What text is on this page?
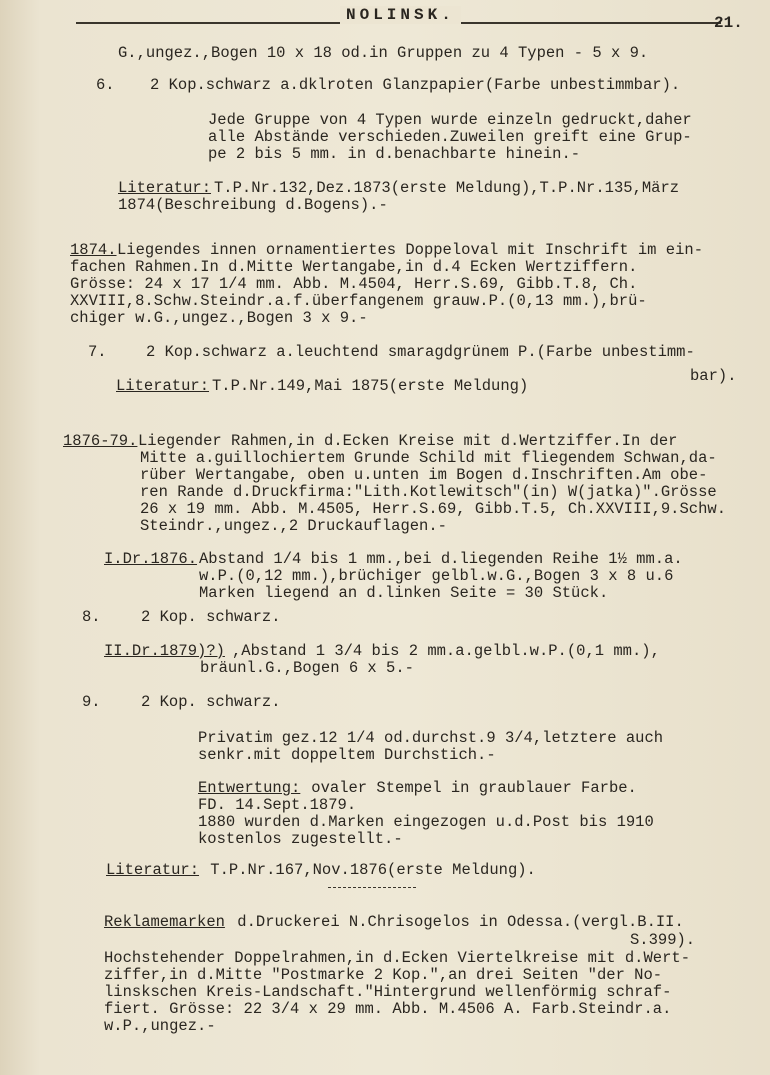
NOLINSK.	21.
G.,ungez.,Bogen 10 x 18 od.in Gruppen zu 4 Typen - 5 x 9.
6. 2 Kop.schwarz a.dklroten Glanzpapier(Farbe unbestimmbar).
Jede Gruppe von 4 Typen wurde einzeln gedruckt,daher
alle Abstände verschieden.Zuweilen greift eine Grup-
pe 2 bis 5 mm. in d.benachbarte hinein.-
Literatur: T.P.Nr.132,Dez.1873(erste Meldung),T.P.Nr.135,März
1874(Beschreibung d.Bogens).-
1874. Liegendes innen ornamentiertes Doppeloval mit Inschrift im ein-
fachen Rahmen.In d.Mitte Wertangabe,in d.4 Ecken Wertziffern.
Grösse: 24 x 17 1/4 mm. Abb. M.4504, Herr.S.69, Gibb.T.8, Ch.
XXVIII,8.Schw.Steindr.a.f.überfangenem grauw.P.(0,13 mm.),brü-
chiger w.G.,ungez.,Bogen 3 x 9.-
7.	2 Kop.schwarz a.leuchtend smaragdgrünem P.(Farbe unbestimm-
Literatur: T.P.Nr.149,Mai 1875(erste Meldung)
bar).
1876-79. Liegender Rahmen,in d.Ecken Kreise mit d.Wertziffer.In der
Mitte a.guillochiertem Grunde Schild mit fliegendem Schwan,da-
rüber Wertangabe, oben u.unten im Bogen d.Inschriften.Am obe-
ren Rande d.Druckfirma:"Lith.Kotlewitsch"(in) W(jatka)".Grösse
26 x 19 mm. Abb. M.4505, Herr.S.69, Gibb.T.5, Ch.XXVIII,9.Schw.
Steindr.,ungez.,2 Druckauflagen.-
I.Dr.1876. Abstand 1/4 bis 1 mm.,bei d.liegenden Reihe 1½ mm.a.
w.P.(0,12 mm.),brüchiger gelbl.w.G.,Bogen 3 x 8 u.6
Marken liegend an d.linken Seite = 30 Stück.
8.	2 Kop. schwarz.
II.Dr.1879)?) ,Abstand 1 3/4 bis 2 mm.a.gelbl.w.P.(0,1 mm.),
bräunl.G.,Bogen 6 x 5.-
9.	2 Kop. schwarz.
Privatim gez.12 1/4 od.durchst.9 3/4,letztere auch
senkr.mit doppeltem Durchstich.-
Entwertung: ovaler Stempel in graublauer Farbe.
FD. 14.Sept.1879.
1880 wurden d.Marken eingezogen u.d.Post bis 1910
kostenlos zugestellt.-
Literatur: T.P.Nr.167,Nov.1876(erste Meldung).
Reklamemarken d.Druckerei N.Chrisogelos in Odessa.(vergl.B.II.
S.399).
Hochstehender Doppelrahmen,in d.Ecken Viertelkreise mit d.Wert-
ziffer,in d.Mitte "Postmarke 2 Kop.",an drei Seiten "der No-
linskschen Kreis-Landschaft."Hintergrund wellenförmig schraf-
fiert. Grösse: 22 3/4 x 29 mm. Abb. M.4506 A. Farb.Steindr.a.
w.P.,ungez.-
